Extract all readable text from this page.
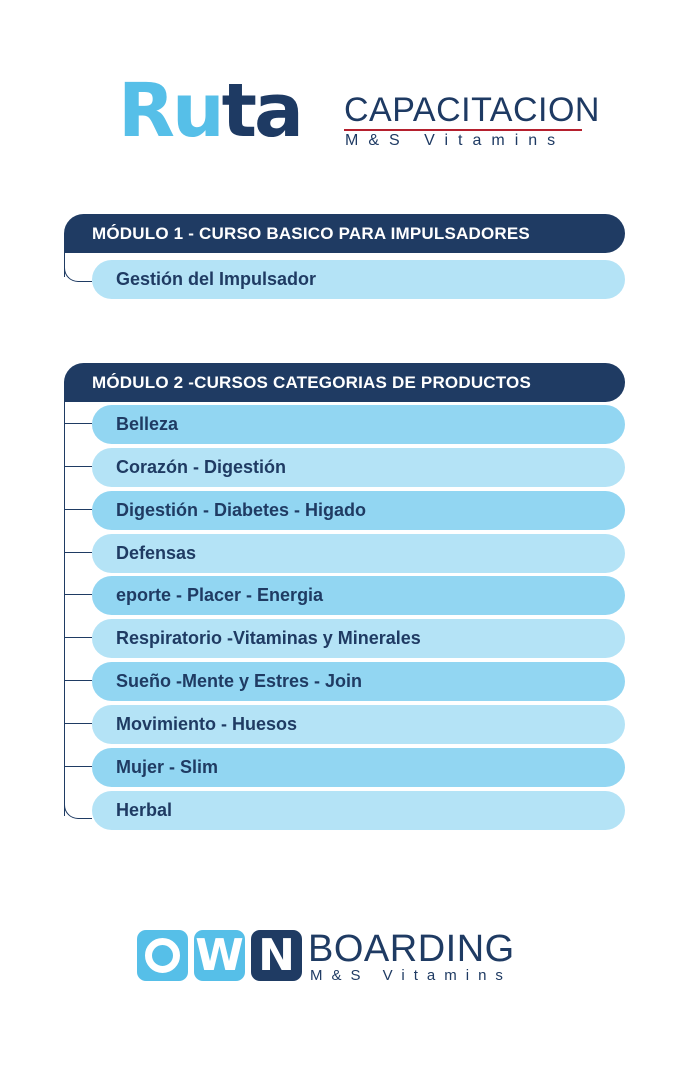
Ruta CAPACITACION
M&S Vitamins
MÓDULO 1 - CURSO BASICO PARA IMPULSADORES
Gestión del Impulsador
MÓDULO 2 -CURSOS CATEGORIAS DE PRODUCTOS
Belleza
Corazón - Digestión
Digestión - Diabetes - Higado
Defensas
eporte - Placer - Energia
Respiratorio -Vitaminas y Minerales
Sueño -Mente y Estres - Join
Movimiento - Huesos
Mujer - Slim
Herbal
W N BOARDING
M&S Vitamins
